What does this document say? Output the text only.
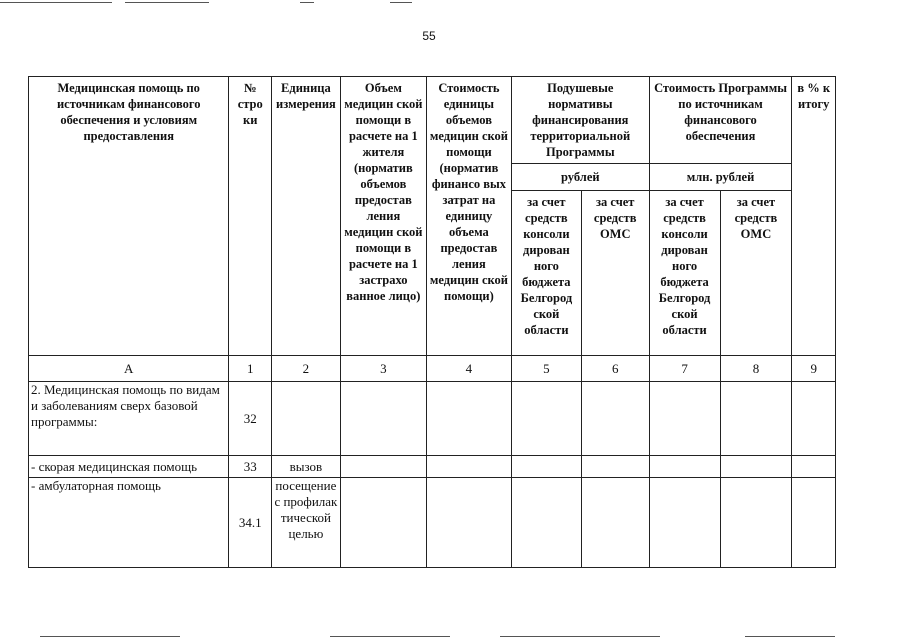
55
Медицинская помощь по источникам финансового обеспечения и условиям предоставления	№ стро ки	Единица измерения	Объем медицин ской помощи в расчете на 1 жителя (норматив объемов предостав ления медицин ской помощи в расчете на 1 застрахо ванное лицо)	Стоимость единицы объемов медицин ской помощи (норматив финансо вых затрат на единицу объема предостав ления медицин ской помощи)	Подушевые нормативы финансирования территориальной Программы		Стоимость Программы по источникам финансового обеспечения		в % к итогу
					рублей		млн. рублей		
					за счет средств консоли дирован ного бюджета Белгород ской области	за счет средств ОМС	за счет средств консоли дирован ного бюджета Белгород ской области	за счет средств ОМС	
А	1	2	3	4	5	6	7	8	9
2. Медицинская помощь по видам и заболеваниям сверх базовой программы:	32								
- скорая медицинская помощь	33	вызов							
- амбулаторная помощь	34.1	посещение с профилак тической целью							
